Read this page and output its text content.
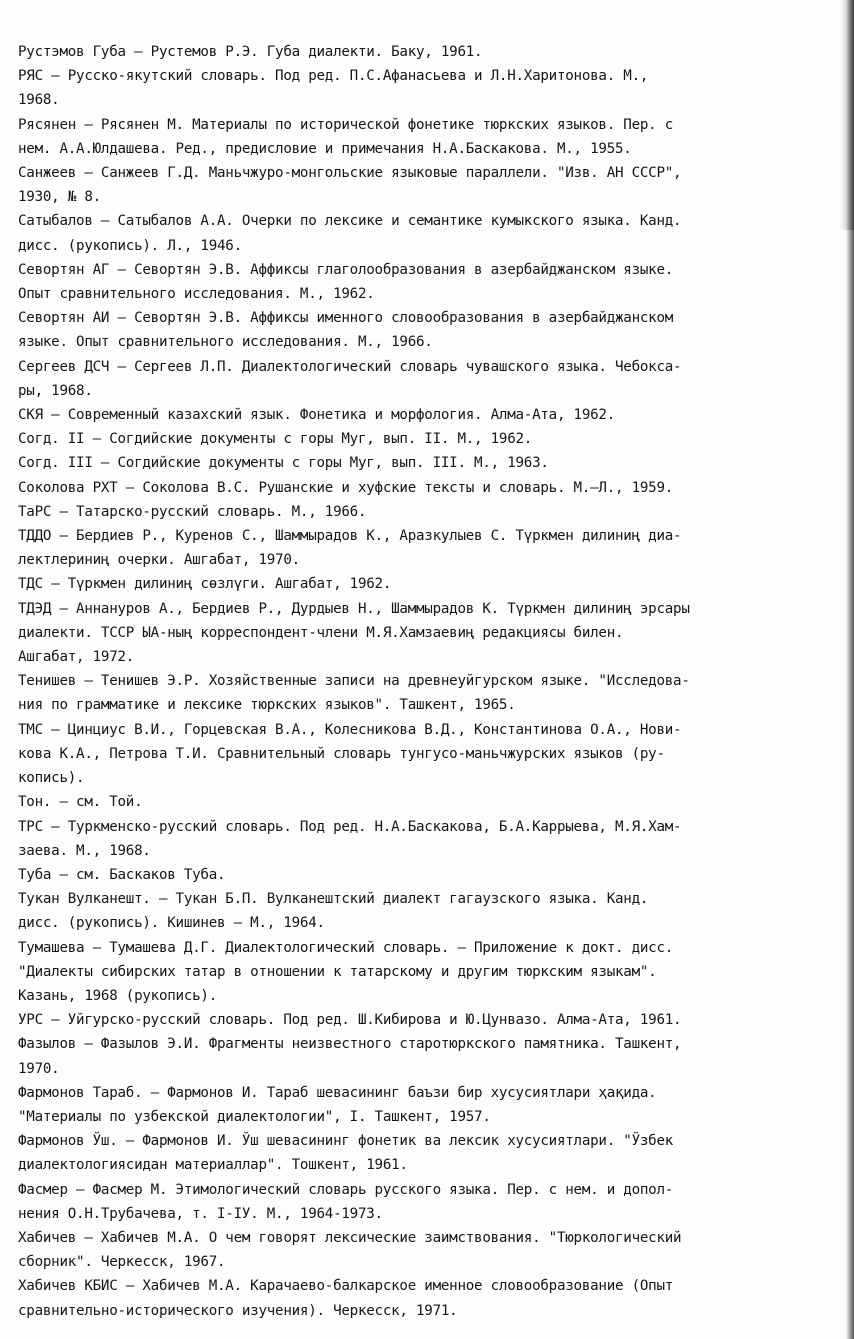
Рустэмов Губа – Рустемов Р.Э. Губа диалекти. Баку, 1961.
РЯС – Русско-якутский словарь. Под ред. П.С.Афанасьева и Л.Н.Харитонова. М.,
1968.
Рясянен – Рясянен М. Материалы по исторической фонетике тюркских языков. Пер. с
нем. А.А.Юлдашева. Ред., предисловие и примечания Н.А.Баскакова. М., 1955.
Санжеев – Санжеев Г.Д. Маньчжуро-монгольские языковые параллели. "Изв. АН СССР",
1930, № 8.
Сатыбалов – Сатыбалов А.А. Очерки по лексике и семантике кумыкского языка. Канд.
дисс. (рукопись). Л., 1946.
Севортян АГ – Севортян Э.В. Аффиксы глаголообразования в азербайджанском языке.
Опыт сравнительного исследования. М., 1962.
Севортян АИ – Севортян Э.В. Аффиксы именного словообразования в азербайджанском
языке. Опыт сравнительного исследования. М., 1966.
Сергеев ДСЧ – Сергеев Л.П. Диалектологический словарь чувашского языка. Чебокса-
ры, 1968.
СКЯ – Современный казахский язык. Фонетика и морфология. Алма-Ата, 1962.
Согд. II – Согдийские документы с горы Муг, вып. II. М., 1962.
Согд. III – Согдийские документы с горы Муг, вып. III. М., 1963.
Соколова РХТ – Соколова В.С. Рушанские и хуфские тексты и словарь. М.–Л., 1959.
ТаРС – Татарско-русский словарь. М., 1966.
ТДДО – Бердиев Р., Куренов С., Шаммырадов К., Аразкулыев С. Түркмен дилиниң диа-
лектлериниң очерки. Ашгабат, 1970.
ТДС – Түркмен дилиниң сөзлүги. Ашгабат, 1962.
ТДЭД – Аннануров А., Бердиев Р., Дурдыев Н., Шаммырадов К. Түркмен дилиниң эрсары
диалекти. ТССР ЫА-ның корреспондент-члени М.Я.Хамзаевиң редакциясы билен.
Ашгабат, 1972.
Тенишев – Тенишев Э.Р. Хозяйственные записи на древнеуйгурском языке. "Исследова-
ния по грамматике и лексике тюркских языков". Ташкент, 1965.
ТМС – Цинциус В.И., Горцевская В.А., Колесникова В.Д., Константинова О.А., Нови-
кова К.А., Петрова Т.И. Сравнительный словарь тунгусо-маньчжурских языков (ру-
копись).
Тон. – см. Той.
ТРС – Туркменско-русский словарь. Под ред. Н.А.Баскакова, Б.А.Каррыева, М.Я.Хам-
заева. М., 1968.
Туба – см. Баскаков Туба.
Тукан Вулканешт. – Тукан Б.П. Вулканештский диалект гагаузского языка. Канд.
дисс. (рукопись). Кишинев – М., 1964.
Тумашева – Тумашева Д.Г. Диалектологический словарь. – Приложение к докт. дисс.
"Диалекты сибирских татар в отношении к татарскому и другим тюркским языкам".
Казань, 1968 (рукопись).
УРС – Уйгурско-русский словарь. Под ред. Ш.Кибирова и Ю.Цунвазо. Алма-Ата, 1961.
Фазылов – Фазылов Э.И. Фрагменты неизвестного старотюркского памятника. Ташкент,
1970.
Фармонов Тараб. – Фармонов И. Тараб шевасининг баъзи бир хусусиятлари ҳақида.
"Материалы по узбекской диалектологии", I. Ташкент, 1957.
Фармонов Ўш. – Фармонов И. Ўш шевасининг фонетик ва лексик хусусиятлари. "Ўзбек
диалектологиясидан материаллар". Тошкент, 1961.
Фасмер – Фасмер М. Этимологический словарь русского языка. Пер. с нем. и допол-
нения О.Н.Трубачева, т. I-IУ. М., 1964-1973.
Хабичев – Хабичев М.А. О чем говорят лексические заимствования. "Тюркологический
сборник". Черкесск, 1967.
Хабичев КБИС – Хабичев М.А. Карачаево-балкарское именное словообразование (Опыт
сравнительно-исторического изучения). Черкесск, 1971.
